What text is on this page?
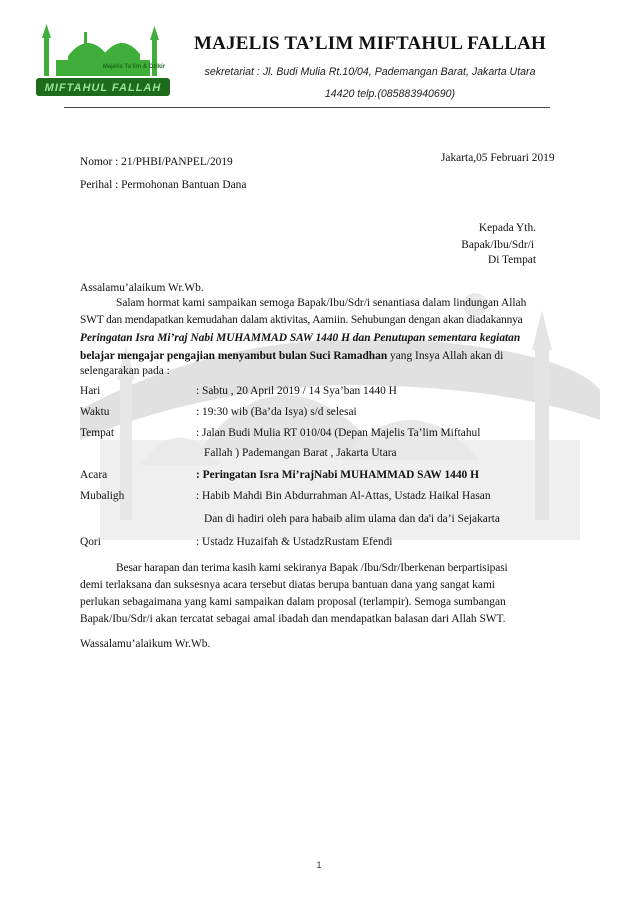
Majelis Ta'lim & Dzikir
MIFTAHUL FALLAH
MAJELIS TA’LIM MIFTAHUL FALLAH
sekretariat : Jl. Budi Mulia Rt.10/04, Pademangan Barat, Jakarta Utara
14420 telp.(085883940690)
Jakarta,05 Februari 2019
Nomor : 21/PHBI/PANPEL/2019
Perihal : Permohonan Bantuan Dana
Kepada Yth.
Bapak/Ibu/Sdr/i
Di Tempat
Assalamu’alaikum Wr.Wb.
Salam hormat kami sampaikan semoga Bapak/Ibu/Sdr/i senantiasa dalam lindungan Allah
SWT dan mendapatkan kemudahan dalam aktivitas, Aamiin. Sehubungan dengan akan diadakannya
Peringatan Isra Mi’raj Nabi MUHAMMAD SAW 1440 H dan Penutupan sementara kegiatan
belajar mengajar pengajian menyambut bulan Suci Ramadhan yang Insya Allah akan di
selengarakan pada :
Hari	: Sabtu , 20 April 2019 / 14 Sya’ban 1440 H
Waktu	: 19:30 wib (Ba’da Isya) s/d selesai
Tempat	: Jalan Budi Mulia RT 010/04 (Depan Majelis Ta’lim Miftahul
Fallah ) Pademangan Barat , Jakarta Utara
Acara	: Peringatan Isra Mi’rajNabi MUHAMMAD SAW 1440 H
Mubaligh	: Habib Mahdi Bin Abdurrahman Al-Attas, Ustadz Haikal Hasan
Dan di hadiri oleh para habaib alim ulama dan da'i da’i Sejakarta
Qori	: Ustadz Huzaifah & UstadzRustam Efendi
Besar harapan dan terima kasih kami sekiranya Bapak /Ibu/Sdr/Iberkenan berpartisipasi
demi terlaksana dan suksesnya acara tersebut diatas berupa bantuan dana yang sangat kami
perlukan sebagaimana yang kami sampaikan dalam proposal (terlampir). Semoga sumbangan
Bapak/Ibu/Sdr/i akan tercatat sebagai amal ibadah dan mendapatkan balasan dari Allah SWT.
Wassalamu’alaikum Wr.Wb.
1
